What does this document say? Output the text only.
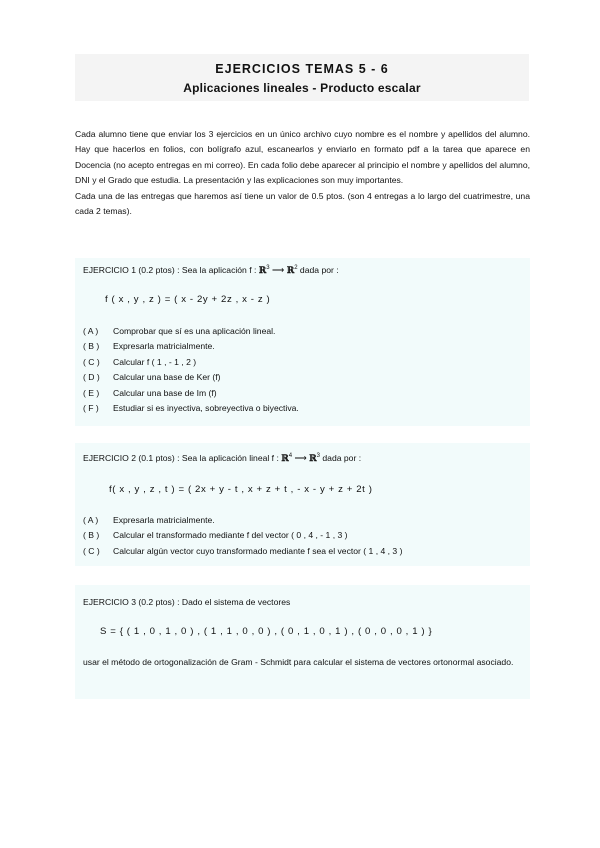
EJERCICIOS TEMAS 5 - 6
Aplicaciones lineales - Producto escalar

Cada alumno tiene que enviar los 3 ejercicios en un único archivo cuyo nombre es el nombre y apellidos del alumno. Hay que hacerlos en folios, con bolígrafo azul, escanearlos y enviarlo en formato pdf a la tarea que aparece en Docencia (no acepto entregas en mi correo). En cada folio debe aparecer al principio el nombre y apellidos del alumno, DNI y el Grado que estudia. La presentación y las explicaciones son muy importantes.

Cada una de las entregas que haremos así tiene un valor de 0.5 ptos. (son 4 entregas a lo largo del cuatrimestre, una cada 2 temas).

EJERCICIO 1 (0.2 ptos) : Sea la aplicación f : ℝ$^3$ ⟶ ℝ$^2$ dada por :
f ( x , y , z ) = ( x - 2y + 2z , x - z )
( A ) Comprobar que sí es una aplicación lineal.
( B ) Expresarla matricialmente.
( C ) Calcular f ( 1 , - 1 , 2 )
( D ) Calcular una base de Ker (f)
( E ) Calcular una base de Im (f)
( F ) Estudiar si es inyectiva, sobreyectiva o biyectiva.
EJERCICIO 2 (0.1 ptos) : Sea la aplicación lineal f : ℝ$^4$ ⟶ ℝ$^3$ dada por :
f( x , y , z , t ) = ( 2x + y - t , x + z + t , - x - y + z + 2t )
( A ) Expresarla matricialmente.
( B ) Calcular el transformado mediante f del vector ( 0 , 4 , - 1 , 3 )
( C ) Calcular algún vector cuyo transformado mediante f sea el vector ( 1 , 4 , 3 )
EJERCICIO 3 (0.2 ptos) : Dado el sistema de vectores
S = { ( 1 , 0 , 1 , 0 ) , ( 1 , 1 , 0 , 0 ) , ( 0 , 1 , 0 , 1 ) , ( 0 , 0 , 0 , 1 ) }
usar el método de ortogonalización de Gram - Schmidt para calcular el sistema de vectores ortonormal asociado.
